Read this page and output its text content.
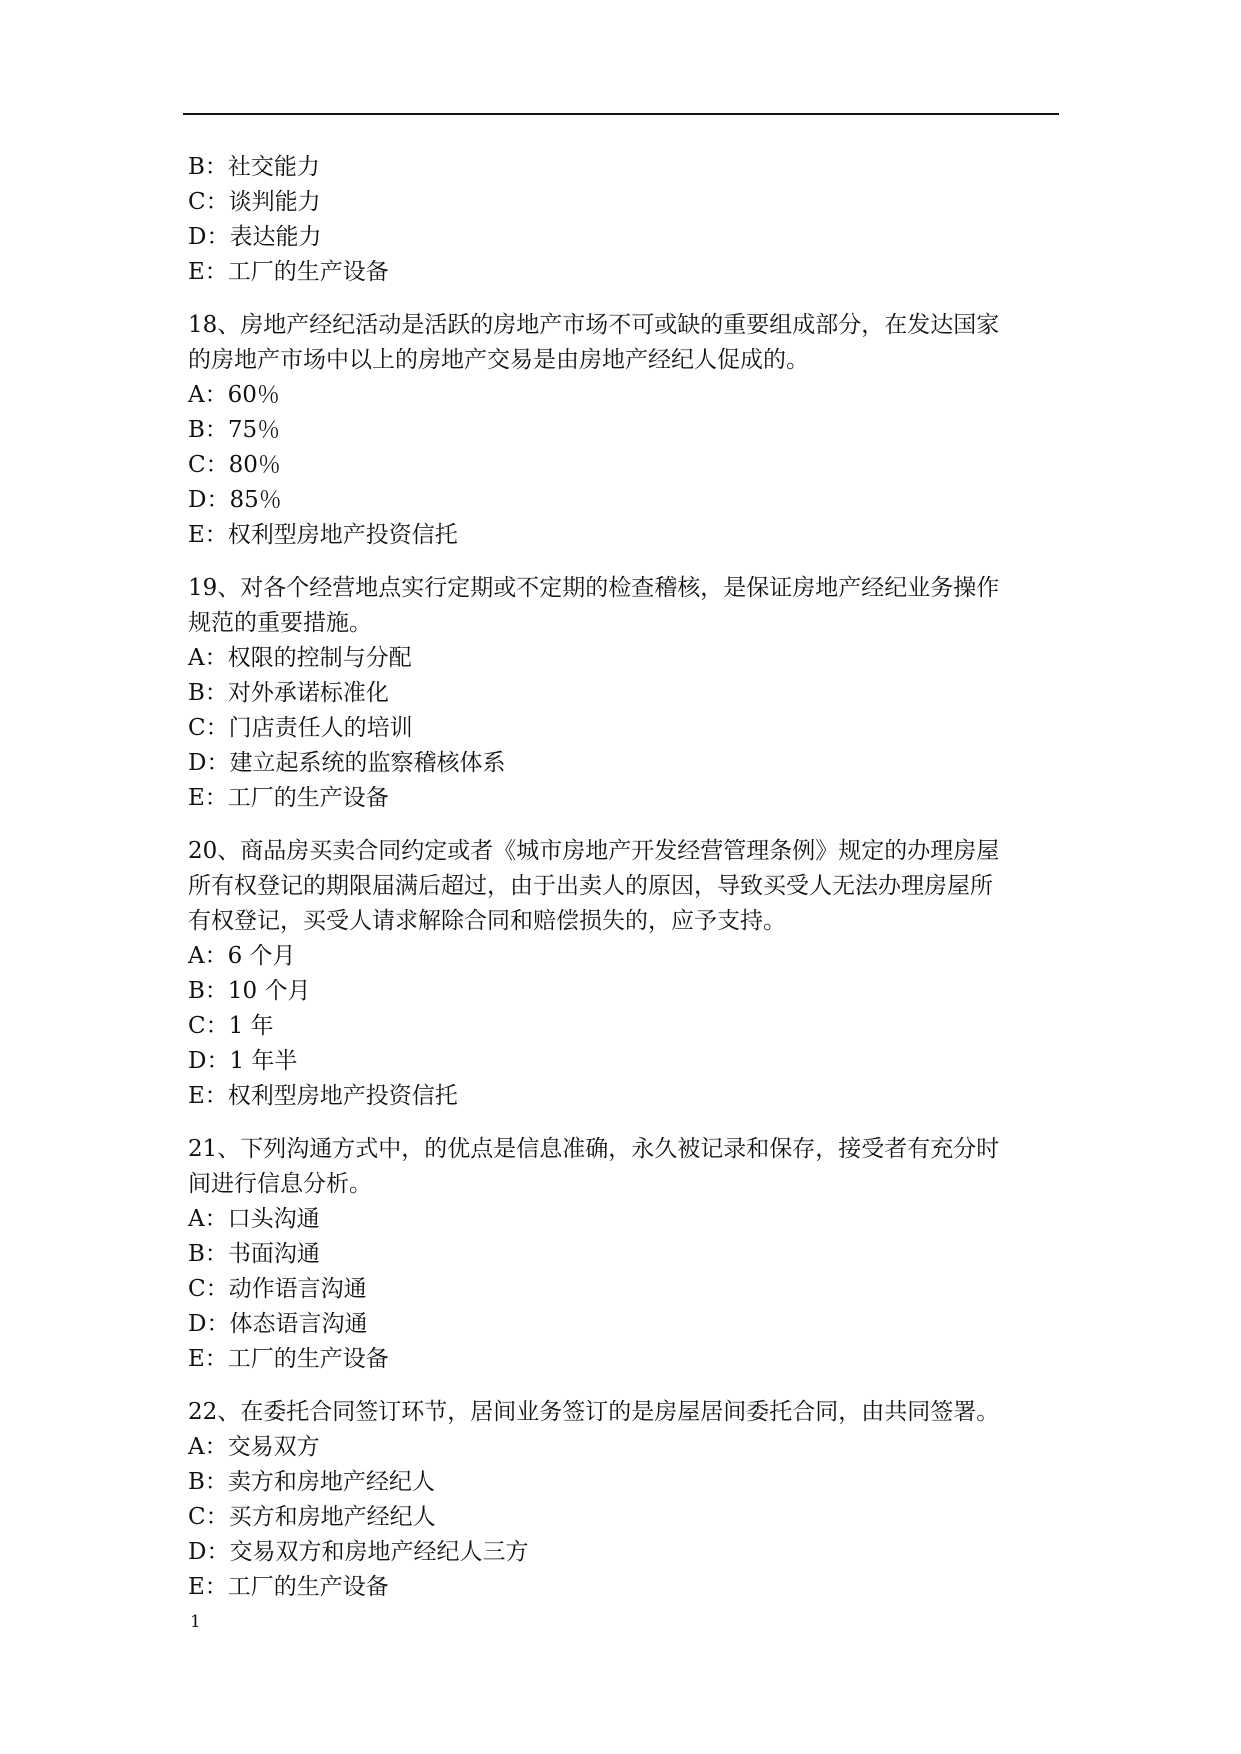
B：社交能力
C：谈判能力
D：表达能力
E：工厂的生产设备
18、房地产经纪活动是活跃的房地产市场不可或缺的重要组成部分，在发达国家
的房地产市场中以上的房地产交易是由房地产经纪人促成的。
A：60％
B：75％
C：80％
D：85％
E：权利型房地产投资信托
19、对各个经营地点实行定期或不定期的检查稽核，是保证房地产经纪业务操作
规范的重要措施。
A：权限的控制与分配
B：对外承诺标准化
C：门店责任人的培训
D：建立起系统的监察稽核体系
E：工厂的生产设备
20、商品房买卖合同约定或者《城市房地产开发经营管理条例》规定的办理房屋
所有权登记的期限届满后超过，由于出卖人的原因，导致买受人无法办理房屋所
有权登记，买受人请求解除合同和赔偿损失的，应予支持。
A：6 个月
B：10 个月
C：1 年
D：1 年半
E：权利型房地产投资信托
21、下列沟通方式中，的优点是信息准确，永久被记录和保存，接受者有充分时
间进行信息分析。
A：口头沟通
B：书面沟通
C：动作语言沟通
D：体态语言沟通
E：工厂的生产设备
22、在委托合同签订环节，居间业务签订的是房屋居间委托合同，由共同签署。
A：交易双方
B：卖方和房地产经纪人
C：买方和房地产经纪人
D：交易双方和房地产经纪人三方
E：工厂的生产设备
1
